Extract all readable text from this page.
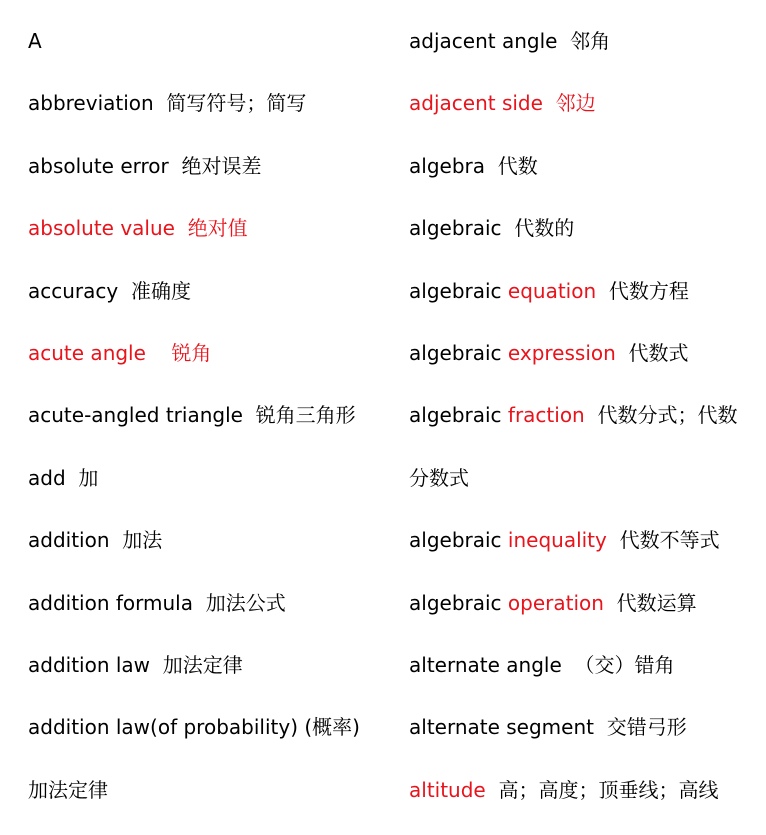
A
abbreviation  简写符号；简写
absolute error  绝对误差
absolute value  绝对值
accuracy  准确度
acute angle    锐角
acute-angled triangle  锐角三角形
add  加
addition  加法
addition formula  加法公式
addition law  加法定律
addition law(of probability) (概率)
加法定律
adjacent angle  邻角
adjacent side  邻边
algebra  代数
algebraic  代数的
algebraic equation  代数方程
algebraic expression  代数式
algebraic fraction  代数分式；代数
分数式
algebraic inequality  代数不等式
algebraic operation  代数运算
alternate angle  （交）错角
alternate segment  交错弓形
altitude  高；高度；顶垂线；高线
